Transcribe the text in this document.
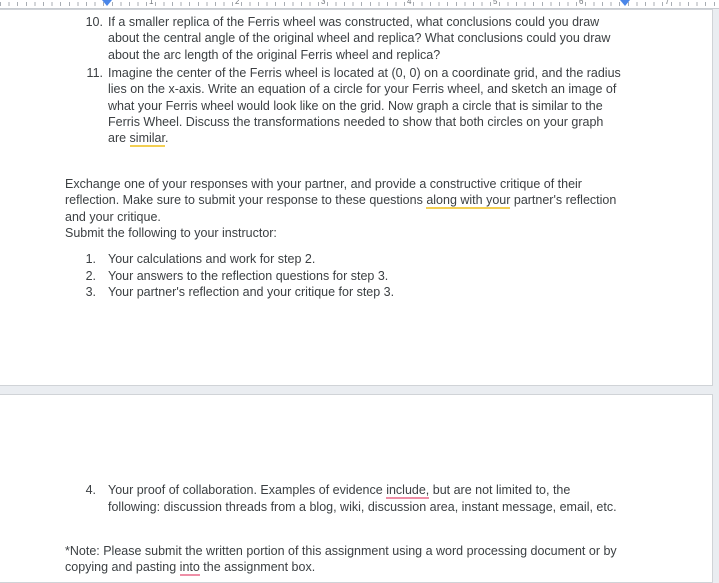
1	2	3	4	5	6	7
10. If a smaller replica of the Ferris wheel was constructed, what conclusions could you draw
about the central angle of the original wheel and replica? What conclusions could you draw
about the arc length of the original Ferris wheel and replica?
11. Imagine the center of the Ferris wheel is located at (0, 0) on a coordinate grid, and the radius
lies on the x-axis. Write an equation of a circle for your Ferris wheel, and sketch an image of
what your Ferris wheel would look like on the grid. Now graph a circle that is similar to the
Ferris Wheel. Discuss the transformations needed to show that both circles on your graph
are similar.
Exchange one of your responses with your partner, and provide a constructive critique of their
reflection. Make sure to submit your response to these questions along with your partner's reflection
and your critique.
Submit the following to your instructor:
1. Your calculations and work for step 2.
2. Your answers to the reflection questions for step 3.
3. Your partner's reflection and your critique for step 3.
4. Your proof of collaboration. Examples of evidence include, but are not limited to, the
following: discussion threads from a blog, wiki, discussion area, instant message, email, etc.
*Note: Please submit the written portion of this assignment using a word processing document or by
copying and pasting into the assignment box.
